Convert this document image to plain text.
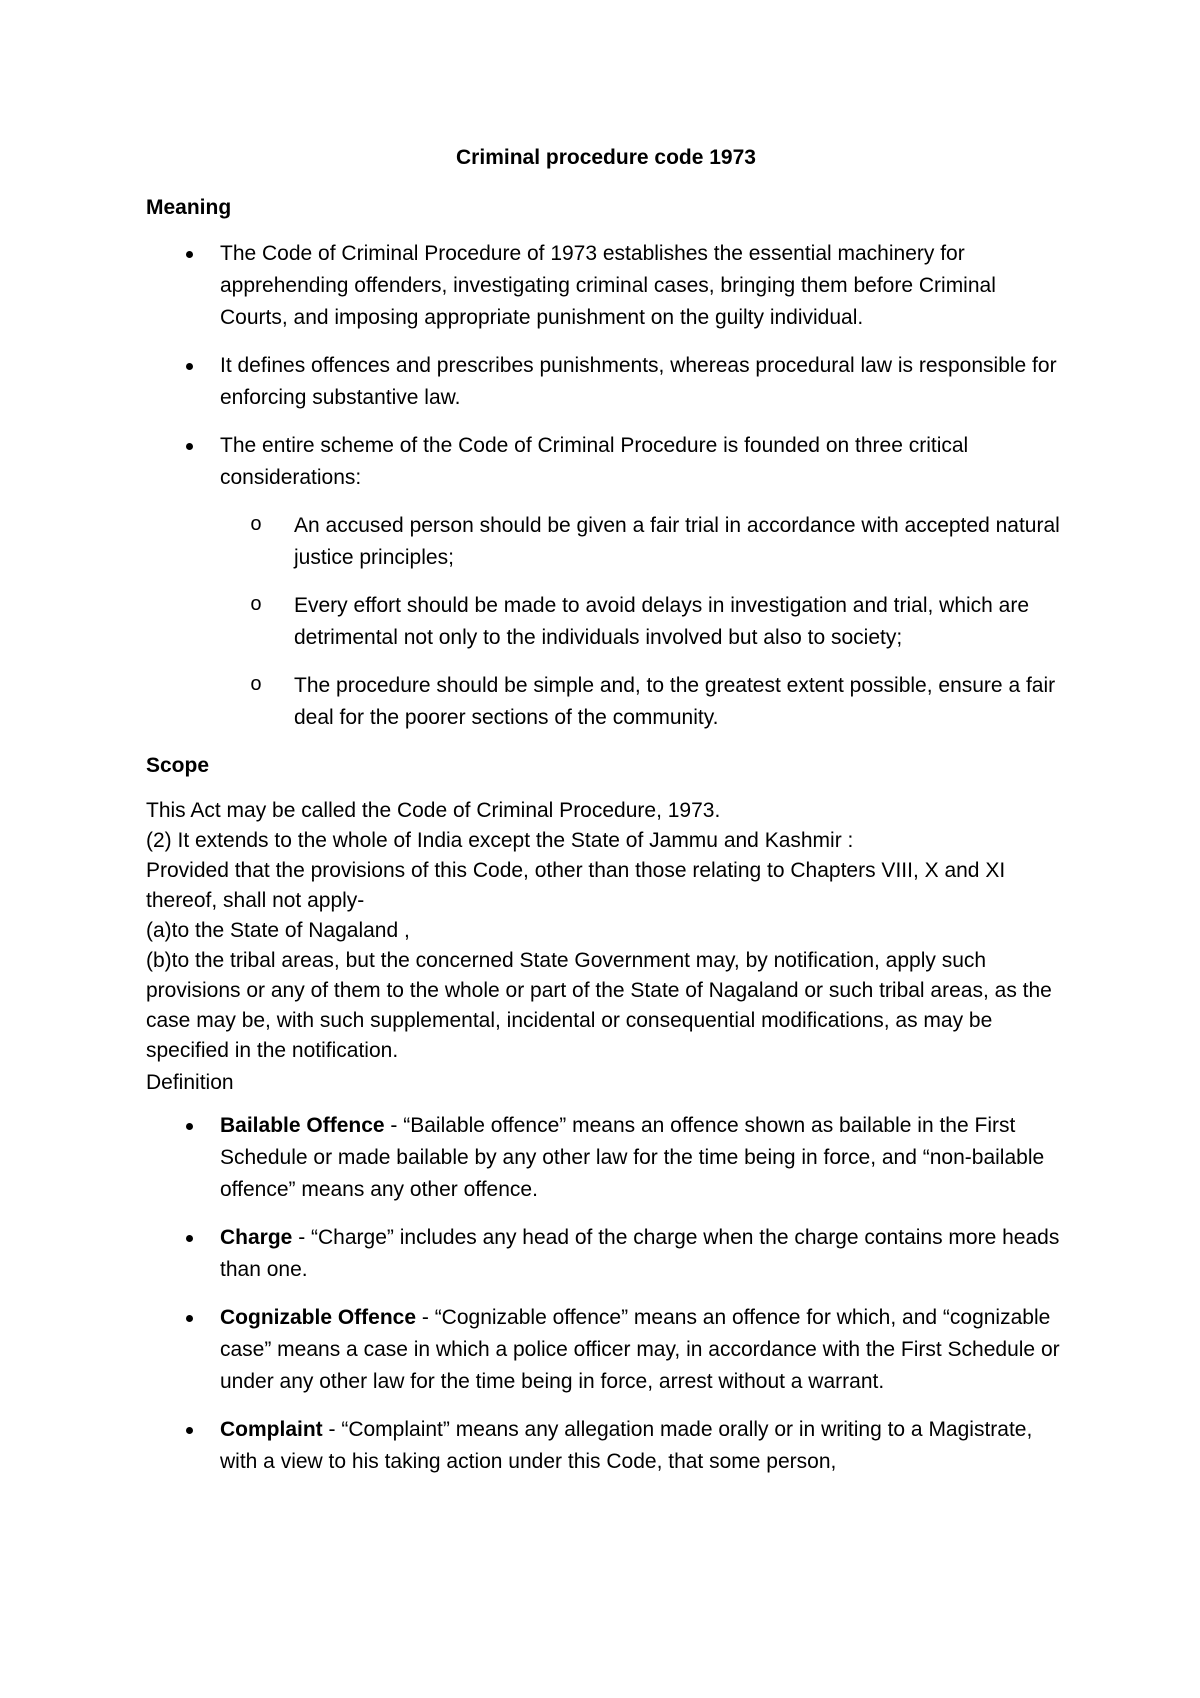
Criminal procedure code 1973
Meaning
The Code of Criminal Procedure of 1973 establishes the essential machinery for apprehending offenders, investigating criminal cases, bringing them before Criminal Courts, and imposing appropriate punishment on the guilty individual.
It defines offences and prescribes punishments, whereas procedural law is responsible for enforcing substantive law.
The entire scheme of the Code of Criminal Procedure is founded on three critical considerations:
o An accused person should be given a fair trial in accordance with accepted natural justice principles;
o Every effort should be made to avoid delays in investigation and trial, which are detrimental not only to the individuals involved but also to society;
o The procedure should be simple and, to the greatest extent possible, ensure a fair deal for the poorer sections of the community.
Scope

This Act may be called the Code of Criminal Procedure, 1973.

(2) It extends to the whole of India except the State of Jammu and Kashmir :

Provided that the provisions of this Code, other than those relating to Chapters VIII, X and XI thereof, shall not apply-

(a)to the State of Nagaland ,

(b)to the tribal areas, but the concerned State Government may, by notification, apply such provisions or any of them to the whole or part of the State of Nagaland or such tribal areas, as the case may be, with such supplemental, incidental or consequential modifications, as may be specified in the notification.

Definition
Bailable Offence - “Bailable offence” means an offence shown as bailable in the First Schedule or made bailable by any other law for the time being in force, and “non-bailable offence” means any other offence.
Charge - “Charge” includes any head of the charge when the charge contains more heads than one.
Cognizable Offence - “Cognizable offence” means an offence for which, and “cognizable case” means a case in which a police officer may, in accordance with the First Schedule or under any other law for the time being in force, arrest without a warrant.
Complaint - “Complaint” means any allegation made orally or in writing to a Magistrate, with a view to his taking action under this Code, that some person,
